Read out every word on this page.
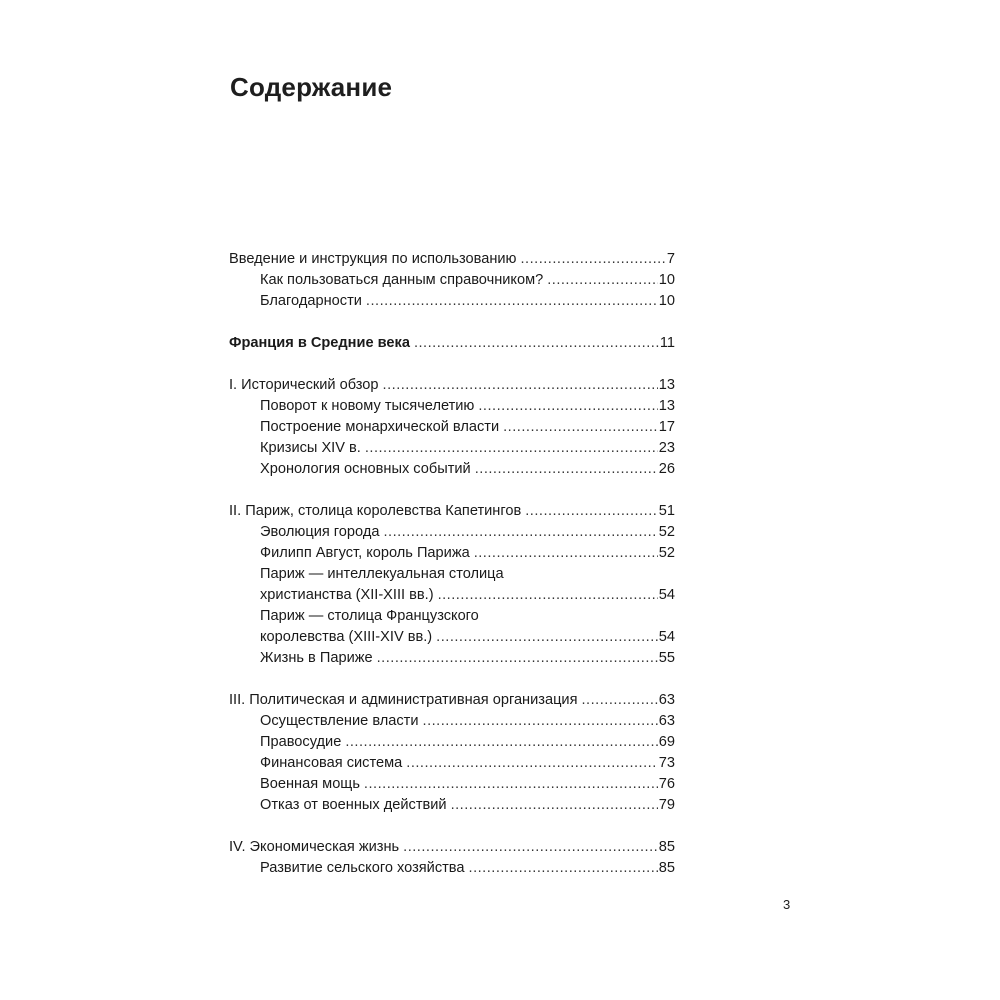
Содержание
Введение и инструкция по использованию .....	7
Как пользоваться данным справочником? .....	10
Благодарности .....	10
Франция в Средние века .....	11
I. Исторический обзор .....	13
Поворот к новому тысячелетию .....	13
Построение монархической власти .....	17
Кризисы XIV в. .....	23
Хронология основных событий .....	26
II. Париж, столица королевства Капетингов .....	51
Эволюция города .....	52
Филипп Август, король Парижа .....	52
Париж — интеллекуальная столица
христианства (XII-XIII вв.) .....	54
Париж — столица Французского
королевства (XIII-XIV вв.) .....	54
Жизнь в Париже .....	55
III. Политическая и административная организация .....	63
Осуществление власти .....	63
Правосудие .....	69
Финансовая система .....	73
Военная мощь .....	76
Отказ от военных действий .....	79
IV. Экономическая жизнь .....	85
Развитие сельского хозяйства .....	85
3
